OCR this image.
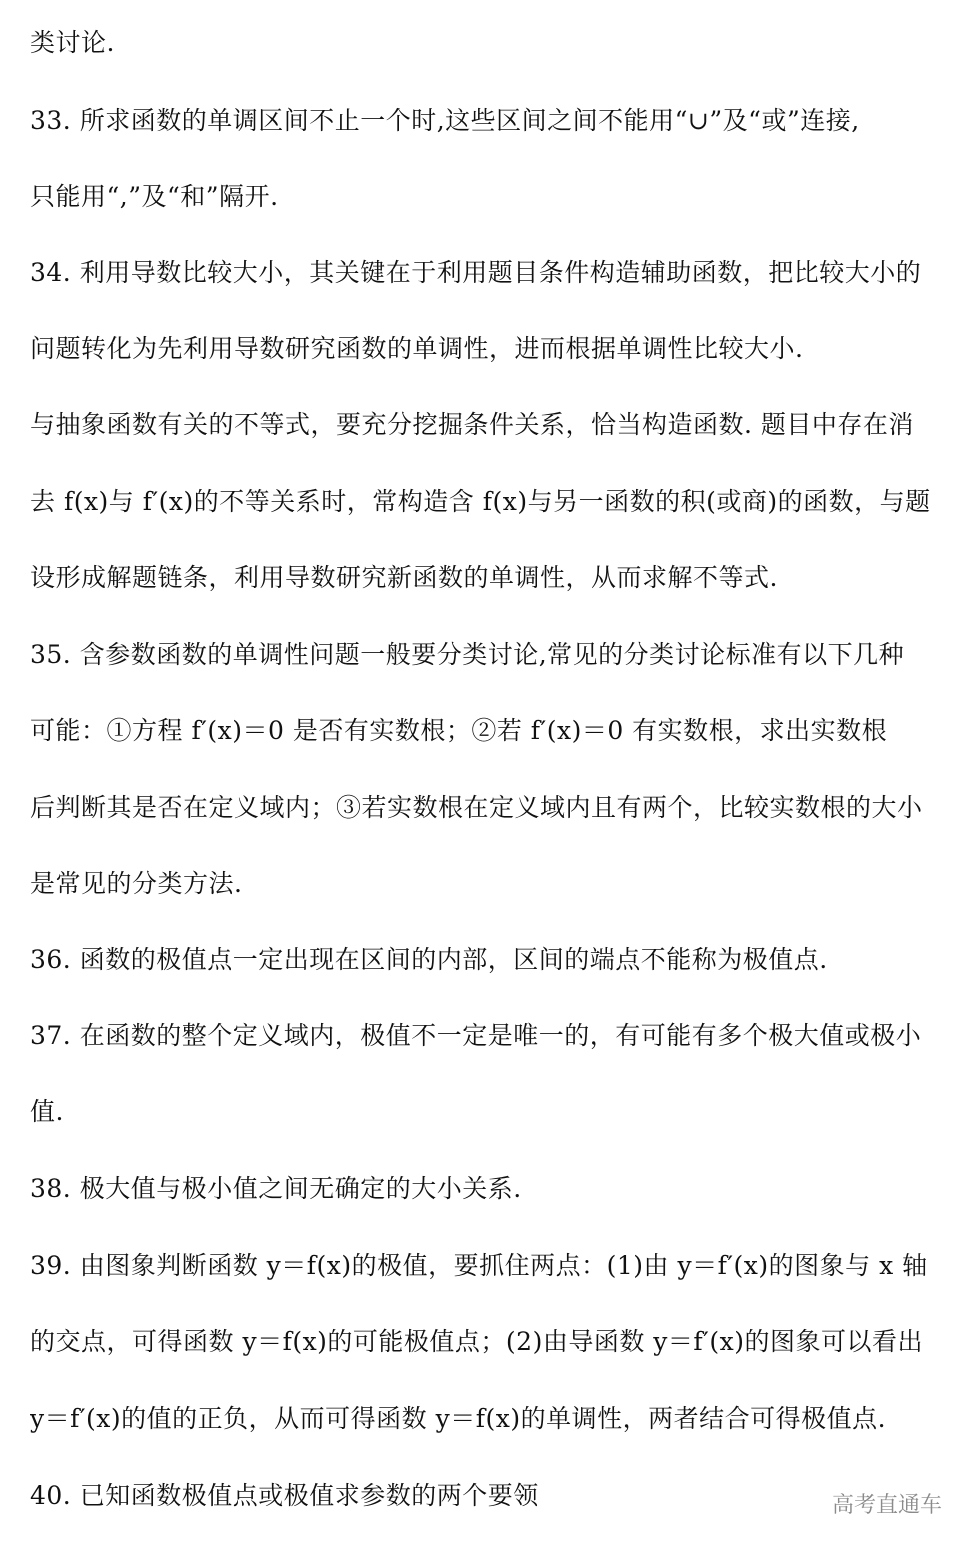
类讨论.
33. 所求函数的单调区间不止一个时,这些区间之间不能用“∪”及“或”连接,
只能用“,”及“和”隔开.
34. 利用导数比较大小，其关键在于利用题目条件构造辅助函数，把比较大小的
问题转化为先利用导数研究函数的单调性，进而根据单调性比较大小.
与抽象函数有关的不等式，要充分挖掘条件关系，恰当构造函数. 题目中存在消
去 f(x)与 f′(x)的不等关系时，常构造含 f(x)与另一函数的积(或商)的函数，与题
设形成解题链条，利用导数研究新函数的单调性，从而求解不等式.
35. 含参数函数的单调性问题一般要分类讨论,常见的分类讨论标准有以下几种
可能：①方程 f′(x)＝0 是否有实数根；②若 f′(x)＝0 有实数根，求出实数根
后判断其是否在定义域内；③若实数根在定义域内且有两个，比较实数根的大小
是常见的分类方法.
36. 函数的极值点一定出现在区间的内部，区间的端点不能称为极值点.
37. 在函数的整个定义域内，极值不一定是唯一的，有可能有多个极大值或极小
值.
38. 极大值与极小值之间无确定的大小关系.
39. 由图象判断函数 y＝f(x)的极值，要抓住两点：(1)由 y＝f′(x)的图象与 x 轴
的交点，可得函数 y＝f(x)的可能极值点；(2)由导函数 y＝f′(x)的图象可以看出
y＝f′(x)的值的正负，从而可得函数 y＝f(x)的单调性，两者结合可得极值点.
40. 已知函数极值点或极值求参数的两个要领	高考直通车
